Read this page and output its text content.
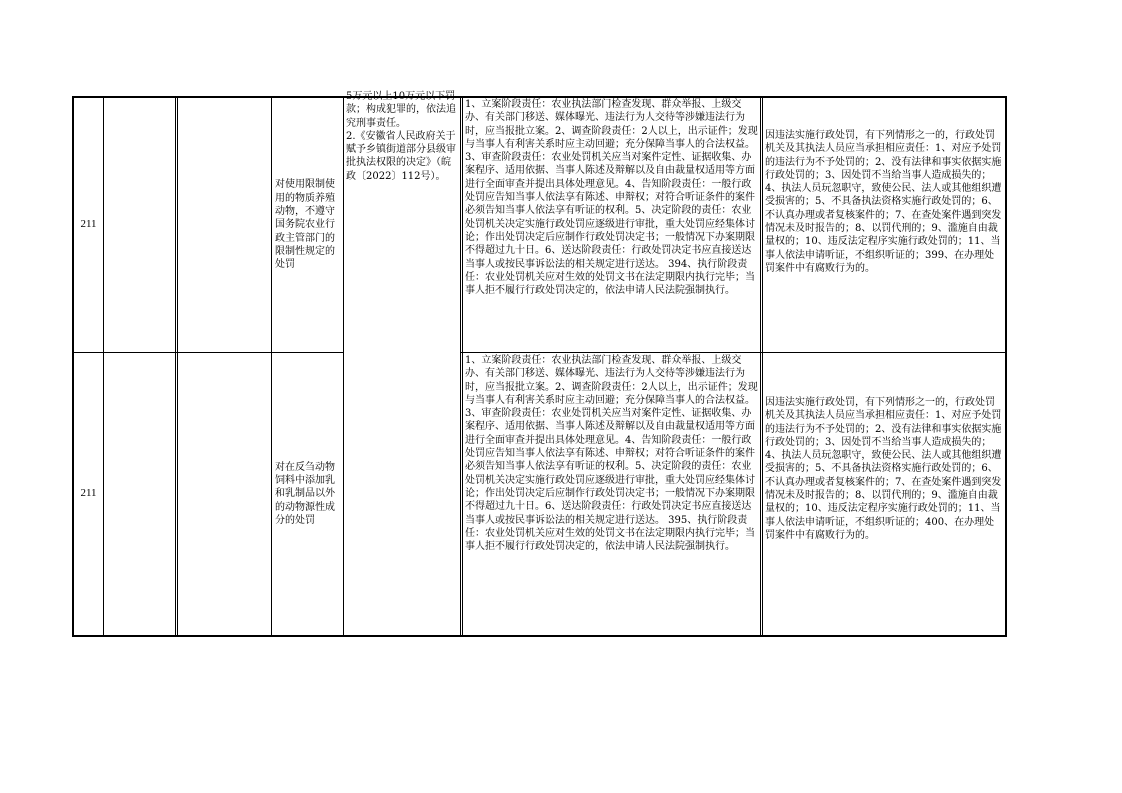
211
对使用限制使用的物质养殖动物，不遵守国务院农业行政主管部门的限制性规定的处罚
5万元以上10万元以下罚款；构成犯罪的，依法追究刑事责任。
2.《安徽省人民政府关于赋予乡镇街道部分县级审批执法权限的决定》（皖政〔2022〕112号）。
1、立案阶段责任：农业执法部门检查发现、群众举报、上级交办、有关部门移送、媒体曝光、违法行为人交待等涉嫌违法行为时，应当报批立案。2、调查阶段责任：2人以上，出示证件；发现与当事人有利害关系时应主动回避；充分保障当事人的合法权益。3、审查阶段责任：农业处罚机关应当对案件定性、证据收集、办案程序、适用依据、当事人陈述及辩解以及自由裁量权适用等方面进行全面审查并提出具体处理意见。4、告知阶段责任：一般行政处罚应告知当事人依法享有陈述、申辩权；对符合听证条件的案件必须告知当事人依法享有听证的权利。5、决定阶段的责任：农业处罚机关决定实施行政处罚应逐级进行审批，重大处罚应经集体讨论；作出处罚决定后应制作行政处罚决定书；一般情况下办案期限不得超过九十日。6、送达阶段责任：行政处罚决定书应直接送达当事人或按民事诉讼法的相关规定进行送达。 394、执行阶段责任：农业处罚机关应对生效的处罚文书在法定期限内执行完毕；当事人拒不履行行政处罚决定的，依法申请人民法院强制执行。
因违法实施行政处罚，有下列情形之一的，行政处罚机关及其执法人员应当承担相应责任：1、对应予处罚的违法行为不予处罚的；2、没有法律和事实依据实施行政处罚的；3、因处罚不当给当事人造成损失的； 4、执法人员玩忽职守，致使公民、法人或其他组织遭受损害的；5、不具备执法资格实施行政处罚的；6、不认真办理或者复核案件的；7、在查处案件遇到突发情况未及时报告的；8、以罚代刑的；9、滥施自由裁量权的；10、违反法定程序实施行政处罚的；11、当事人依法申请听证，不组织听证的；399、在办理处罚案件中有腐败行为的。
211
对在反刍动物饲料中添加乳和乳制品以外的动物源性成分的处罚
1、立案阶段责任：农业执法部门检查发现、群众举报、上级交办、有关部门移送、媒体曝光、违法行为人交待等涉嫌违法行为时，应当报批立案。2、调查阶段责任：2人以上，出示证件；发现与当事人有利害关系时应主动回避；充分保障当事人的合法权益。3、审查阶段责任：农业处罚机关应当对案件定性、证据收集、办案程序、适用依据、当事人陈述及辩解以及自由裁量权适用等方面进行全面审查并提出具体处理意见。4、告知阶段责任：一般行政处罚应告知当事人依法享有陈述、申辩权；对符合听证条件的案件必须告知当事人依法享有听证的权利。5、决定阶段的责任：农业处罚机关决定实施行政处罚应逐级进行审批，重大处罚应经集体讨论；作出处罚决定后应制作行政处罚决定书；一般情况下办案期限不得超过九十日。6、送达阶段责任：行政处罚决定书应直接送达当事人或按民事诉讼法的相关规定进行送达。 395、执行阶段责任：农业处罚机关应对生效的处罚文书在法定期限内执行完毕；当事人拒不履行行政处罚决定的，依法申请人民法院强制执行。
因违法实施行政处罚，有下列情形之一的，行政处罚机关及其执法人员应当承担相应责任：1、对应予处罚的违法行为不予处罚的；2、没有法律和事实依据实施行政处罚的；3、因处罚不当给当事人造成损失的； 4、执法人员玩忽职守，致使公民、法人或其他组织遭受损害的；5、不具备执法资格实施行政处罚的；6、不认真办理或者复核案件的；7、在查处案件遇到突发情况未及时报告的；8、以罚代刑的；9、滥施自由裁量权的；10、违反法定程序实施行政处罚的；11、当事人依法申请听证，不组织听证的；400、在办理处罚案件中有腐败行为的。
